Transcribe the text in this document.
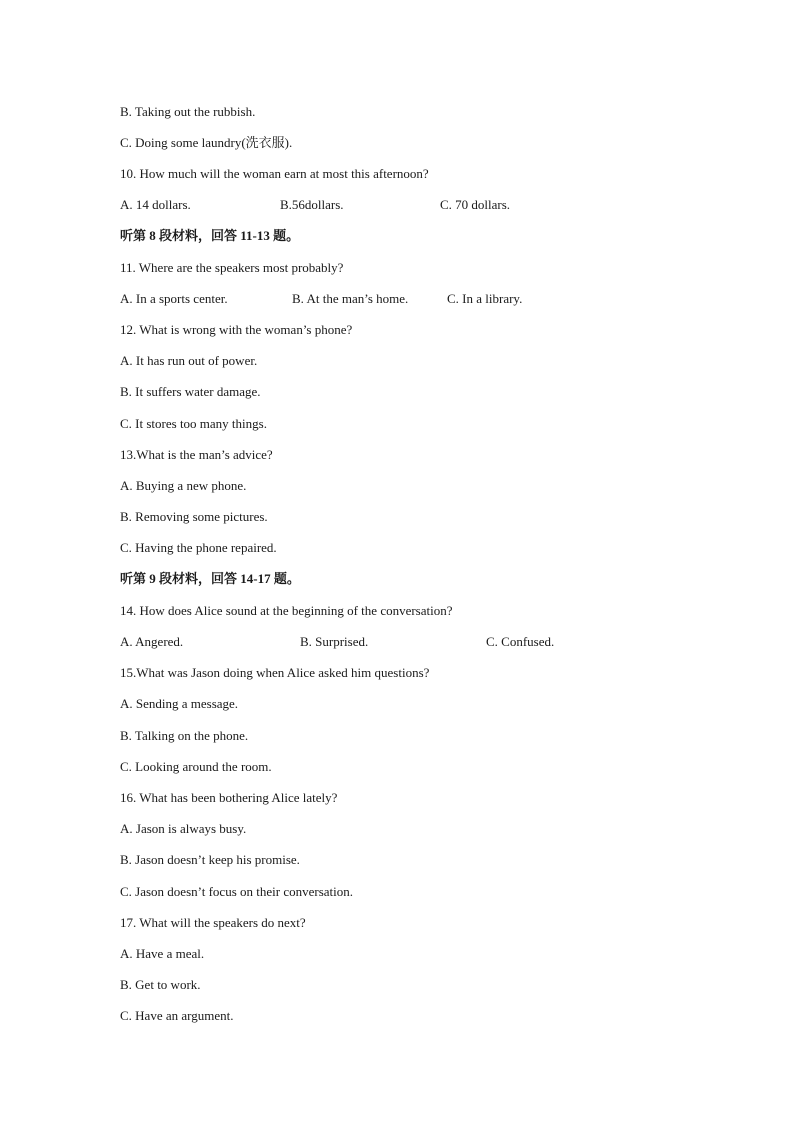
B. Taking out the rubbish.
C. Doing some laundry(洗衣服).
10. How much will the woman earn at most this afternoon?
A. 14 dollars.	B.56dollars.	C. 70 dollars.
听第 8 段材料，回答 11-13 题。
11. Where are the speakers most probably?
A. In a sports center.	B. At the man’s home.	C. In a library.
12. What is wrong with the woman’s phone?
A. It has run out of power.
B. It suffers water damage.
C. It stores too many things.
13.What is the man’s advice?
A. Buying a new phone.
B. Removing some pictures.
C. Having the phone repaired.
听第 9 段材料，回答 14-17 题。
14. How does Alice sound at the beginning of the conversation?
A. Angered.	B. Surprised.	C. Confused.
15.What was Jason doing when Alice asked him questions?
A. Sending a message.
B. Talking on the phone.
C. Looking around the room.
16. What has been bothering Alice lately?
A. Jason is always busy.
B. Jason doesn’t keep his promise.
C. Jason doesn’t focus on their conversation.
17. What will the speakers do next?
A. Have a meal.
B. Get to work.
C. Have an argument.
